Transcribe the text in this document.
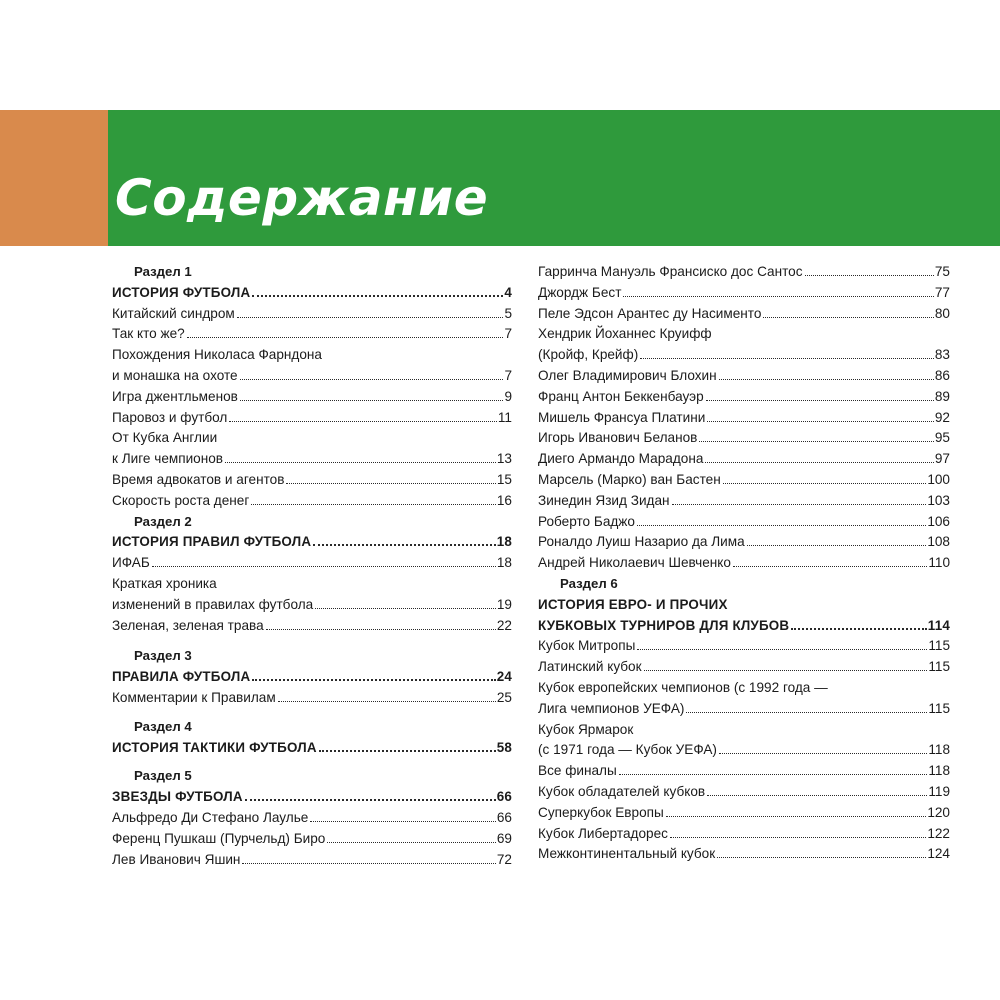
Содержание
Раздел 1
ИСТОРИЯ ФУТБОЛА	4
Китайский синдром	5
Так кто же?	7
Похождения Николаса Фарндона
и монашка на охоте	7
Игра джентльменов	9
Паровоз и футбол	11
От Кубка Англии
к Лиге чемпионов	13
Время адвокатов и агентов	15
Скорость роста денег	16
Раздел 2
ИСТОРИЯ ПРАВИЛ ФУТБОЛА	18
ИФАБ	18
Краткая хроника
изменений в правилах футбола	19
Зеленая, зеленая трава	22
Раздел 3
ПРАВИЛА ФУТБОЛА	24
Комментарии к Правилам	25
Раздел 4
ИСТОРИЯ ТАКТИКИ ФУТБОЛА	58
Раздел 5
ЗВЕЗДЫ ФУТБОЛА	66
Альфредо Ди Стефано Лаулье	66
Ференц Пушкаш (Пурчельд) Биро	69
Лев Иванович Яшин	72
Гарринча Мануэль Франсиско дос Сантос	75
Джордж Бест	77
Пеле Эдсон Арантес ду Насименто	80
Хендрик Йоханнес Круифф
(Кройф, Крейф)	83
Олег Владимирович Блохин	86
Франц Антон Беккенбауэр	89
Мишель Франсуа Платини	92
Игорь Иванович Беланов	95
Диего Армандо Марадона	97
Марсель (Марко) ван Бастен	100
Зинедин Язид Зидан	103
Роберто Баджо	106
Роналдо Луиш Назарио да Лима	108
Андрей Николаевич Шевченко	110
Раздел 6
ИСТОРИЯ ЕВРО- И ПРОЧИХ
КУБКОВЫХ ТУРНИРОВ ДЛЯ КЛУБОВ	114
Кубок Митропы	115
Латинский кубок	115
Кубок европейских чемпионов (с 1992 года —
Лига чемпионов УЕФА)	115
Кубок Ярмарок
(с 1971 года — Кубок УЕФА)	118
Все финалы	118
Кубок обладателей кубков	119
Суперкубок Европы	120
Кубок Либертадорес	122
Межконтинентальный кубок	124
